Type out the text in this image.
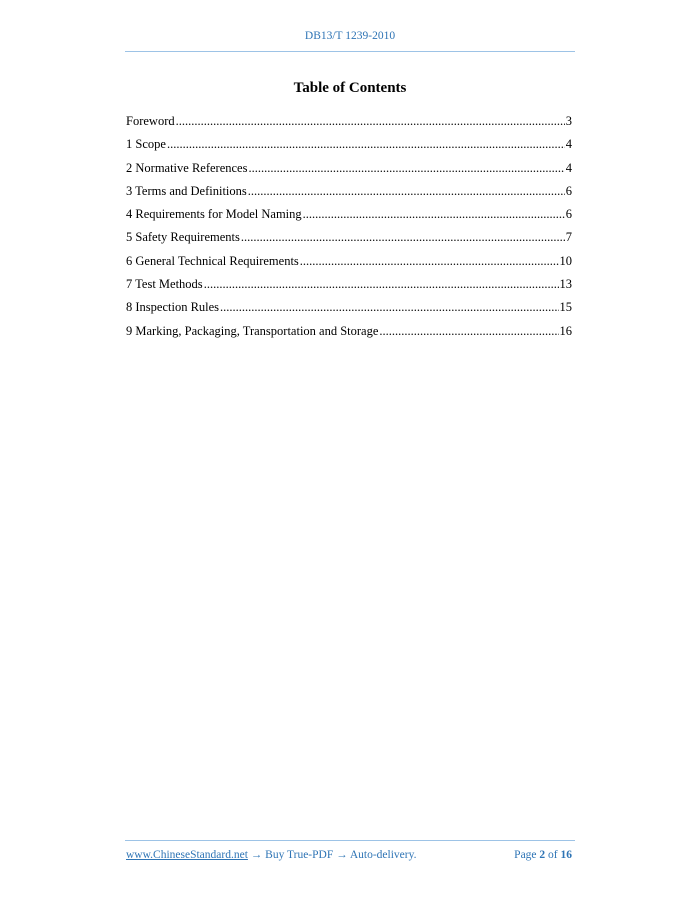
DB13/T 1239-2010
Table of Contents
Foreword .....	3
1 Scope .....	4
2 Normative References .....	4
3 Terms and Definitions .....	6
4 Requirements for Model Naming .....	6
5 Safety Requirements .....	7
6 General Technical Requirements .....	10
7 Test Methods .....	13
8 Inspection Rules .....	15
9 Marking, Packaging, Transportation and Storage .....	16
www.ChineseStandard.net → Buy True-PDF → Auto-delivery.	Page 2 of 16
